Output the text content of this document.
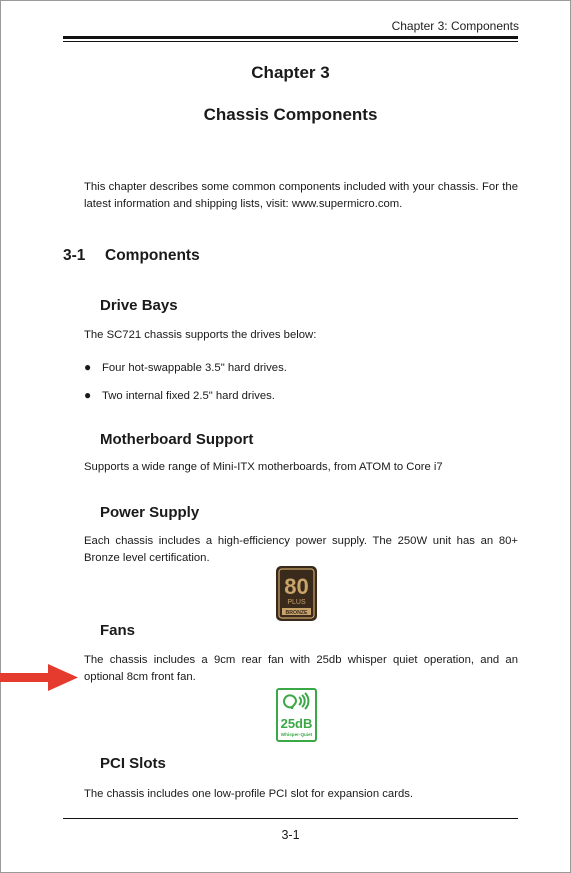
Chapter 3: Components
Chapter 3
Chassis Components
This chapter describes some common components included with your chassis. For the latest information and shipping lists, visit: www.supermicro.com.
3-1 Components
Drive Bays
The SC721 chassis supports the drives below:
● Four hot-swappable 3.5" hard drives.
● Two internal fixed 2.5" hard drives.
Motherboard Support
Supports a wide range of Mini-ITX motherboards, from ATOM to Core i7
Power Supply
Each chassis includes a high-efficiency power supply. The 250W unit has an 80+ Bronze level certification.
80
PLUS
BRONZE
Fans
The chassis includes a 9cm rear fan with 25db whisper quiet operation, and an optional 8cm front fan.
25dB
Whisper-Quiet
PCI Slots
The chassis includes one low-profile PCI slot for expansion cards.
3-1
